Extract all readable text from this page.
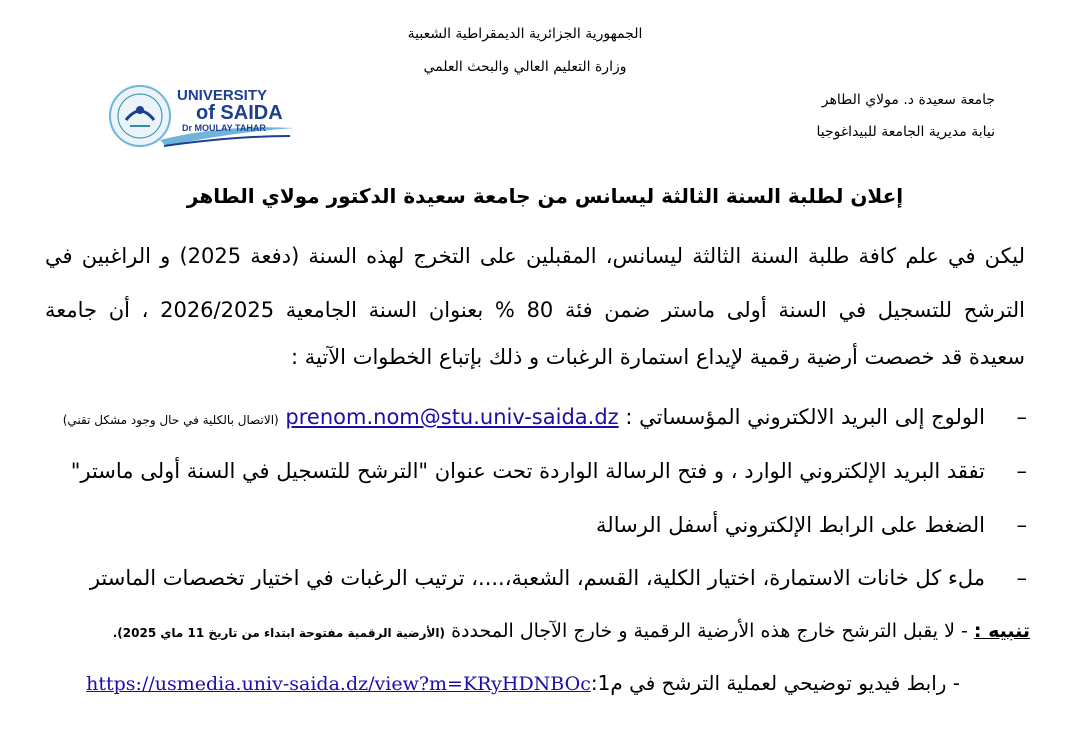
الجمهورية الجزائرية الديمقراطية الشعبية
وزارة التعليم العالي والبحث العلمي
جامعة سعيدة د. مولاي الطاهر
نيابة مديرية الجامعة للبيداغوجيا
UNIVERSITY
of SAIDA
Dr MOULAY TAHAR
إعلان لطلبة السنة الثالثة ليسانس من جامعة سعيدة الدكتور مولاي الطاهر
ليكن في علم كافة طلبة السنة الثالثة ليسانس، المقبلين على التخرج لهذه السنة (دفعة 2025) و الراغبين في
الترشح للتسجيل في السنة أولى ماستر ضمن فئة 80 % بعنوان السنة الجامعية 2026/2025 ، أن جامعة
سعيدة قد خصصت أرضية رقمية لإيداع استمارة الرغبات و ذلك بإتباع الخطوات الآتية :
–
الولوج إلى البريد الالكتروني المؤسساتي : prenom.nom@stu.univ-saida.dz (الاتصال بالكلية في حال وجود مشكل تقني)
–
تفقد البريد الإلكتروني الوارد ، و فتح الرسالة الواردة تحت عنوان "الترشح للتسجيل في السنة أولى ماستر"
–
الضغط على الرابط الإلكتروني أسفل الرسالة
–
ملء كل خانات الاستمارة، اختيار الكلية، القسم، الشعبة،....، ترتيب الرغبات في اختيار تخصصات الماستر
تنبيه : - لا يقبل الترشح خارج هذه الأرضية الرقمية و خارج الآجال المحددة (الأرضية الرقمية مفتوحة ابتداء من تاريخ 11 ماي 2025).
- رابط فيديو توضيحي لعملية الترشح في م1:https://usmedia.univ-saida.dz/view?m=KRyHDNBOc
